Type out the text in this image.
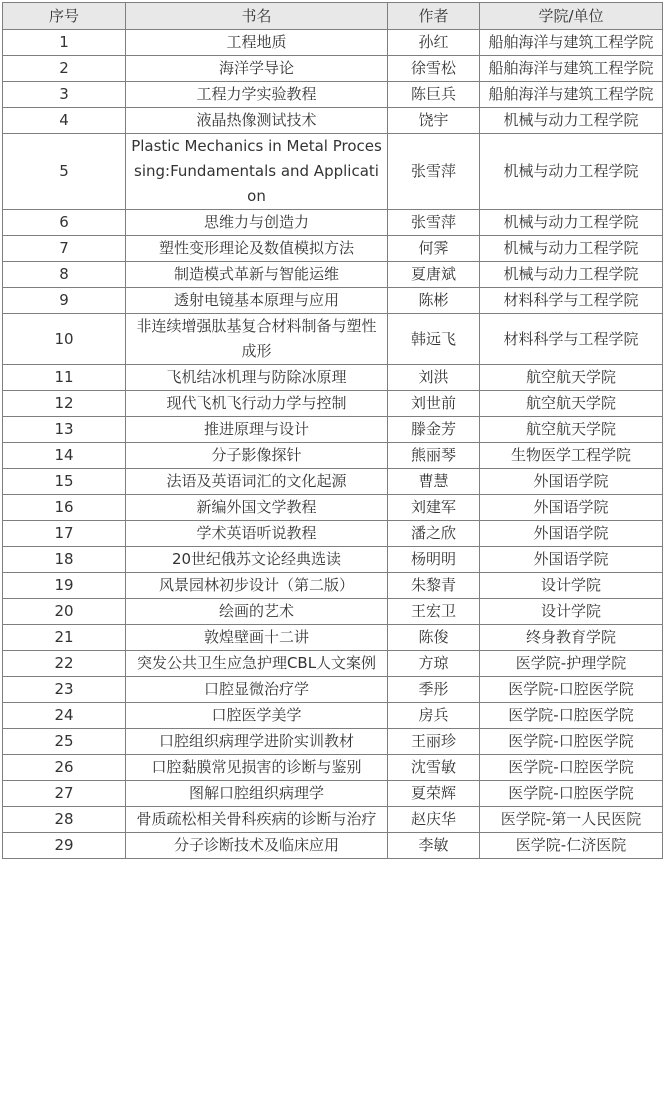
序号	书名	作者	学院/单位
1	工程地质	孙红	船舶海洋与建筑工程学院
2	海洋学导论	徐雪松	船舶海洋与建筑工程学院
3	工程力学实验教程	陈巨兵	船舶海洋与建筑工程学院
4	液晶热像测试技术	饶宇	机械与动力工程学院
5	Plastic Mechanics in Metal Processing:Fundamentals and Application	张雪萍	机械与动力工程学院
6	思维力与创造力	张雪萍	机械与动力工程学院
7	塑性变形理论及数值模拟方法	何霁	机械与动力工程学院
8	制造模式革新与智能运维	夏唐斌	机械与动力工程学院
9	透射电镜基本原理与应用	陈彬	材料科学与工程学院
10	非连续增强肽基复合材料制备与塑性成形	韩远飞	材料科学与工程学院
11	飞机结冰机理与防除冰原理	刘洪	航空航天学院
12	现代飞机飞行动力学与控制	刘世前	航空航天学院
13	推进原理与设计	滕金芳	航空航天学院
14	分子影像探针	熊丽琴	生物医学工程学院
15	法语及英语词汇的文化起源	曹慧	外国语学院
16	新编外国文学教程	刘建军	外国语学院
17	学术英语听说教程	潘之欣	外国语学院
18	20世纪俄苏文论经典选读	杨明明	外国语学院
19	风景园林初步设计（第二版）	朱黎青	设计学院
20	绘画的艺术	王宏卫	设计学院
21	敦煌壁画十二讲	陈俊	终身教育学院
22	突发公共卫生应急护理CBL人文案例	方琼	医学院-护理学院
23	口腔显微治疗学	季彤	医学院-口腔医学院
24	口腔医学美学	房兵	医学院-口腔医学院
25	口腔组织病理学进阶实训教材	王丽珍	医学院-口腔医学院
26	口腔黏膜常见损害的诊断与鉴别	沈雪敏	医学院-口腔医学院
27	图解口腔组织病理学	夏荣辉	医学院-口腔医学院
28	骨质疏松相关骨科疾病的诊断与治疗	赵庆华	医学院-第一人民医院
29	分子诊断技术及临床应用	李敏	医学院-仁济医院
